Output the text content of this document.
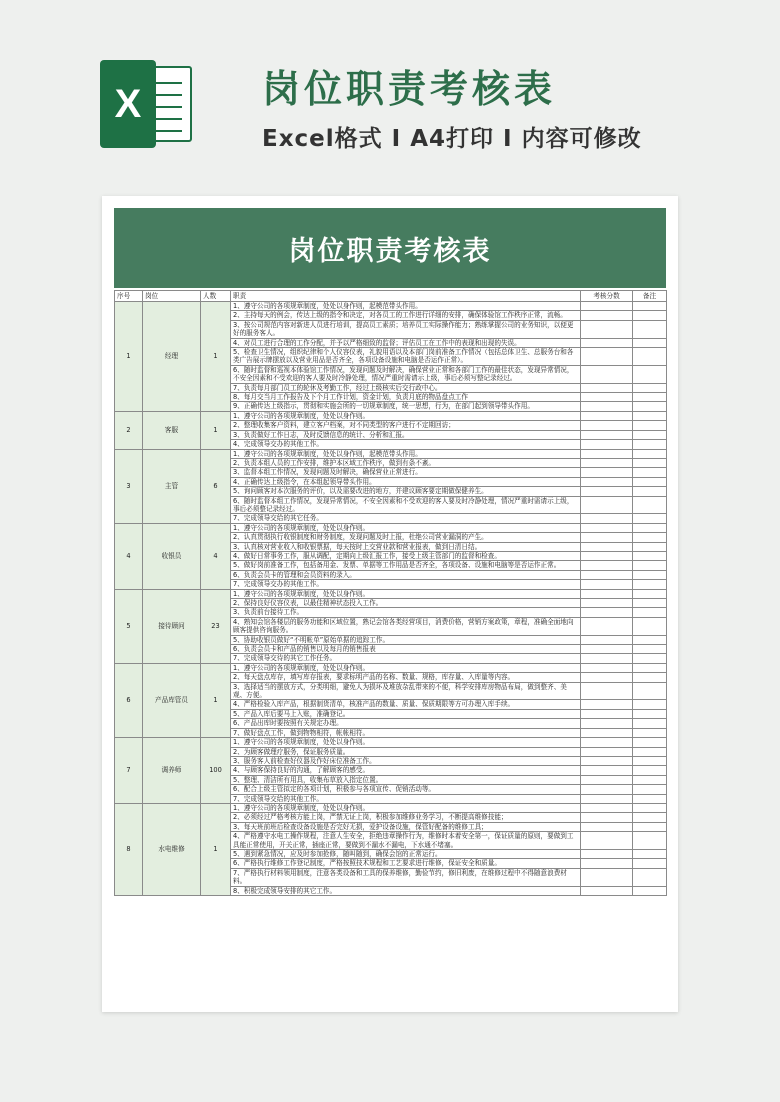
X	岗位职责考核表
Excel格式 Ⅰ A4打印 Ⅰ 内容可修改
岗位职责考核表
序号	岗位	人数	职责	考核分数	备注
1	经理	1	1、遵守公司的各项规章制度，处处以身作则，起模范带头作用。		
			2、主持每天的例会，传达上级的指令和决定，对各员工的工作进行详细的安排，确保体验馆工作秩序正常，流畅。		
			3、按公司规范内容对新进人员进行培训，提高员工素质；培养员工实际操作能力；熟练掌握公司的业务知识，以便更好的服务客人。		
			4、对员工进行合理的工作分配，并予以严格细致的监督；评估员工在工作中的表现和出现的失误。		
			5、检查卫生情况，组织纪律和个人仪容仪表，礼貌用语以及本部门岗前准备工作情况（包括总体卫生、总服务台和各类广告展示牌摆放以及营业用品是否齐全，各项设备设施和电脑是否运作正常）。		
			6、随时监督和巡视本体验馆工作情况，发现问题及时解决，确保营业正常和各部门工作的最佳状态，发现异常情况，不安全因素和不受欢迎的客人要及时冷静处理，情况严重时需请示上级，事后必须写整记录经过。		
			7、负责每月部门员工的轮休及考勤工作，经过上级核实后交行政中心。		
			8、每月交当月工作报告及下个月工作计划，资金计划，负责月底的物品盘点工作		
			9、正确传达上级指示，贯彻和实施会所的一切规章制度，统一思想，行为，在部门起到领导带头作用。		
2	客服	1	1、遵守公司的各项规章制度，处处以身作则。		
			2、整理收集客户资料，建立客户档案，对不同类型的客户进行不定期回访；		
			3、负责做好工作日志，及时反馈信息的统计、分析和汇报。		
			4、完成领导交办的其他工作。		
3	主管	6	1、遵守公司的各项规章制度，处处以身作则，起模范带头作用。		
			2、负责本组人员的工作安排，维护本区域工作秩序，做到有条不紊。		
			3、监督本组工作情况，发现问题及时解决，确保营业正常进行。		
			4、正确传达上级指令，在本组起领导带头作用。		
			5、询问顾客对本次服务的评价，以及需要改进的地方，并建议顾客要定期做保健养生。		
			6、随时监督本组工作情况，发现异常情况，不安全因素和不受欢迎的客人要及时冷静处理，情况严重时需请示上级，事后必须整记录经过。		
			7、完成领导交给的其它任务。		
4	收银员	4	1、遵守公司的各项规章制度，处处以身作则。		
			2、认真贯彻执行收银制度和财务制度，发现问题及时上报，杜绝公司营业漏洞的产生。		
			3、认真核对营业收入和收银票据，每天按时上交营业款和营业报表，做到日清日结。		
			4、做好日常事务工作，服从调配，定期向上级汇报工作，接受上级主管部门的监督和检查。		
			5、做好岗前准备工作，包括备用金、发票、单据等工作用品是否齐全，各项设备、设施和电脑等是否运作正常。		
			6、负责会员卡的管理和会员资料的录入。		
			7、完成领导交办的其他工作。		
5	接待顾问	23	1、遵守公司的各项规章制度，处处以身作则。		
			2、保持良好仪容仪表，以最佳精神状态投入工作。		
			3、负责前台接待工作。		
			4、熟知会馆各楼层的服务功能和区域位置，熟记会馆各类经营项目，消费价格，营销方案政策，章程，准确全面地向顾客提供咨询服务。		
			5、协助收银员做好“不明帐单”原始单据的追踪工作。		
			6、负责会员卡和产品的销售以及每月的销售报表		
			7、完成领导交待的其它工作任务。		
6	产品库管员	1	1、遵守公司的各项规章制度，处处以身作则。		
			2、每天盘点库存，填写库存报表，要求标明产品的名称、数量、规格，库存量、入库量等内容。		
			3、选择适当的摆放方式，分类明细，避免人为损坏及堆放杂乱带来的不便，科学安排库房物品布局，做到整齐、美观、方便。		
			4、严格检验入库产品，根据制货清单，核准产品的数量、质量、保质期限等方可办理入库手续。		
			5、产品入库后要马上入账，准确登记。		
			6、产品出库时要按照有关规定办理。		
			7、做好盘点工作，做到物物相符，帐帐相符。		
7	调养师	100	1、遵守公司的各项规章制度，处处以身作则。		
			2、为顾客做理疗服务，保证服务质量。		
			3、服务客人前检查好仪器及作好床位准备工作。		
			4、与顾客保持良好的沟通，了解顾客的感受。		
			5、整理、清洁所有用具，收集布草放入指定位置。		
			6、配合上级主管拟定的各项计划，积极参与各项宣传、促销活动等。		
			7、完成领导交给的其他工作。		
8	水电维修	1	1、遵守公司的各项规章制度，处处以身作则。		
			2、必须经过严格考核方能上岗，严禁无证上岗，积极参加维修业务学习，不断提高维修技能；		
			3、每天班前班后检查设备设施是否完好无损，爱护设备设施，保管好配备的维修工具；		
			4、严格遵守水电工操作规程，注意人生安全，拒绝违章操作行为，维修时本着安全第一，保证质量的原则，要做到工具能正常使用，开关正常，插座正常，要做到不漏水不漏电，下水通不堵塞。		
			5、遇到紧急情况，应及时参加抢修，随叫随到，确保会馆的正常运行。		
			6、严格执行维修工作登记制度，严格按照技术规程和工艺要求进行维修，保证安全和质量。		
			7、严格执行材料领用制度，注意各类设备和工具的保养维修，勤俭节约，修旧利废，在维修过程中不得随意浪费材料。		
			8、积极完成领导安排的其它工作。		
